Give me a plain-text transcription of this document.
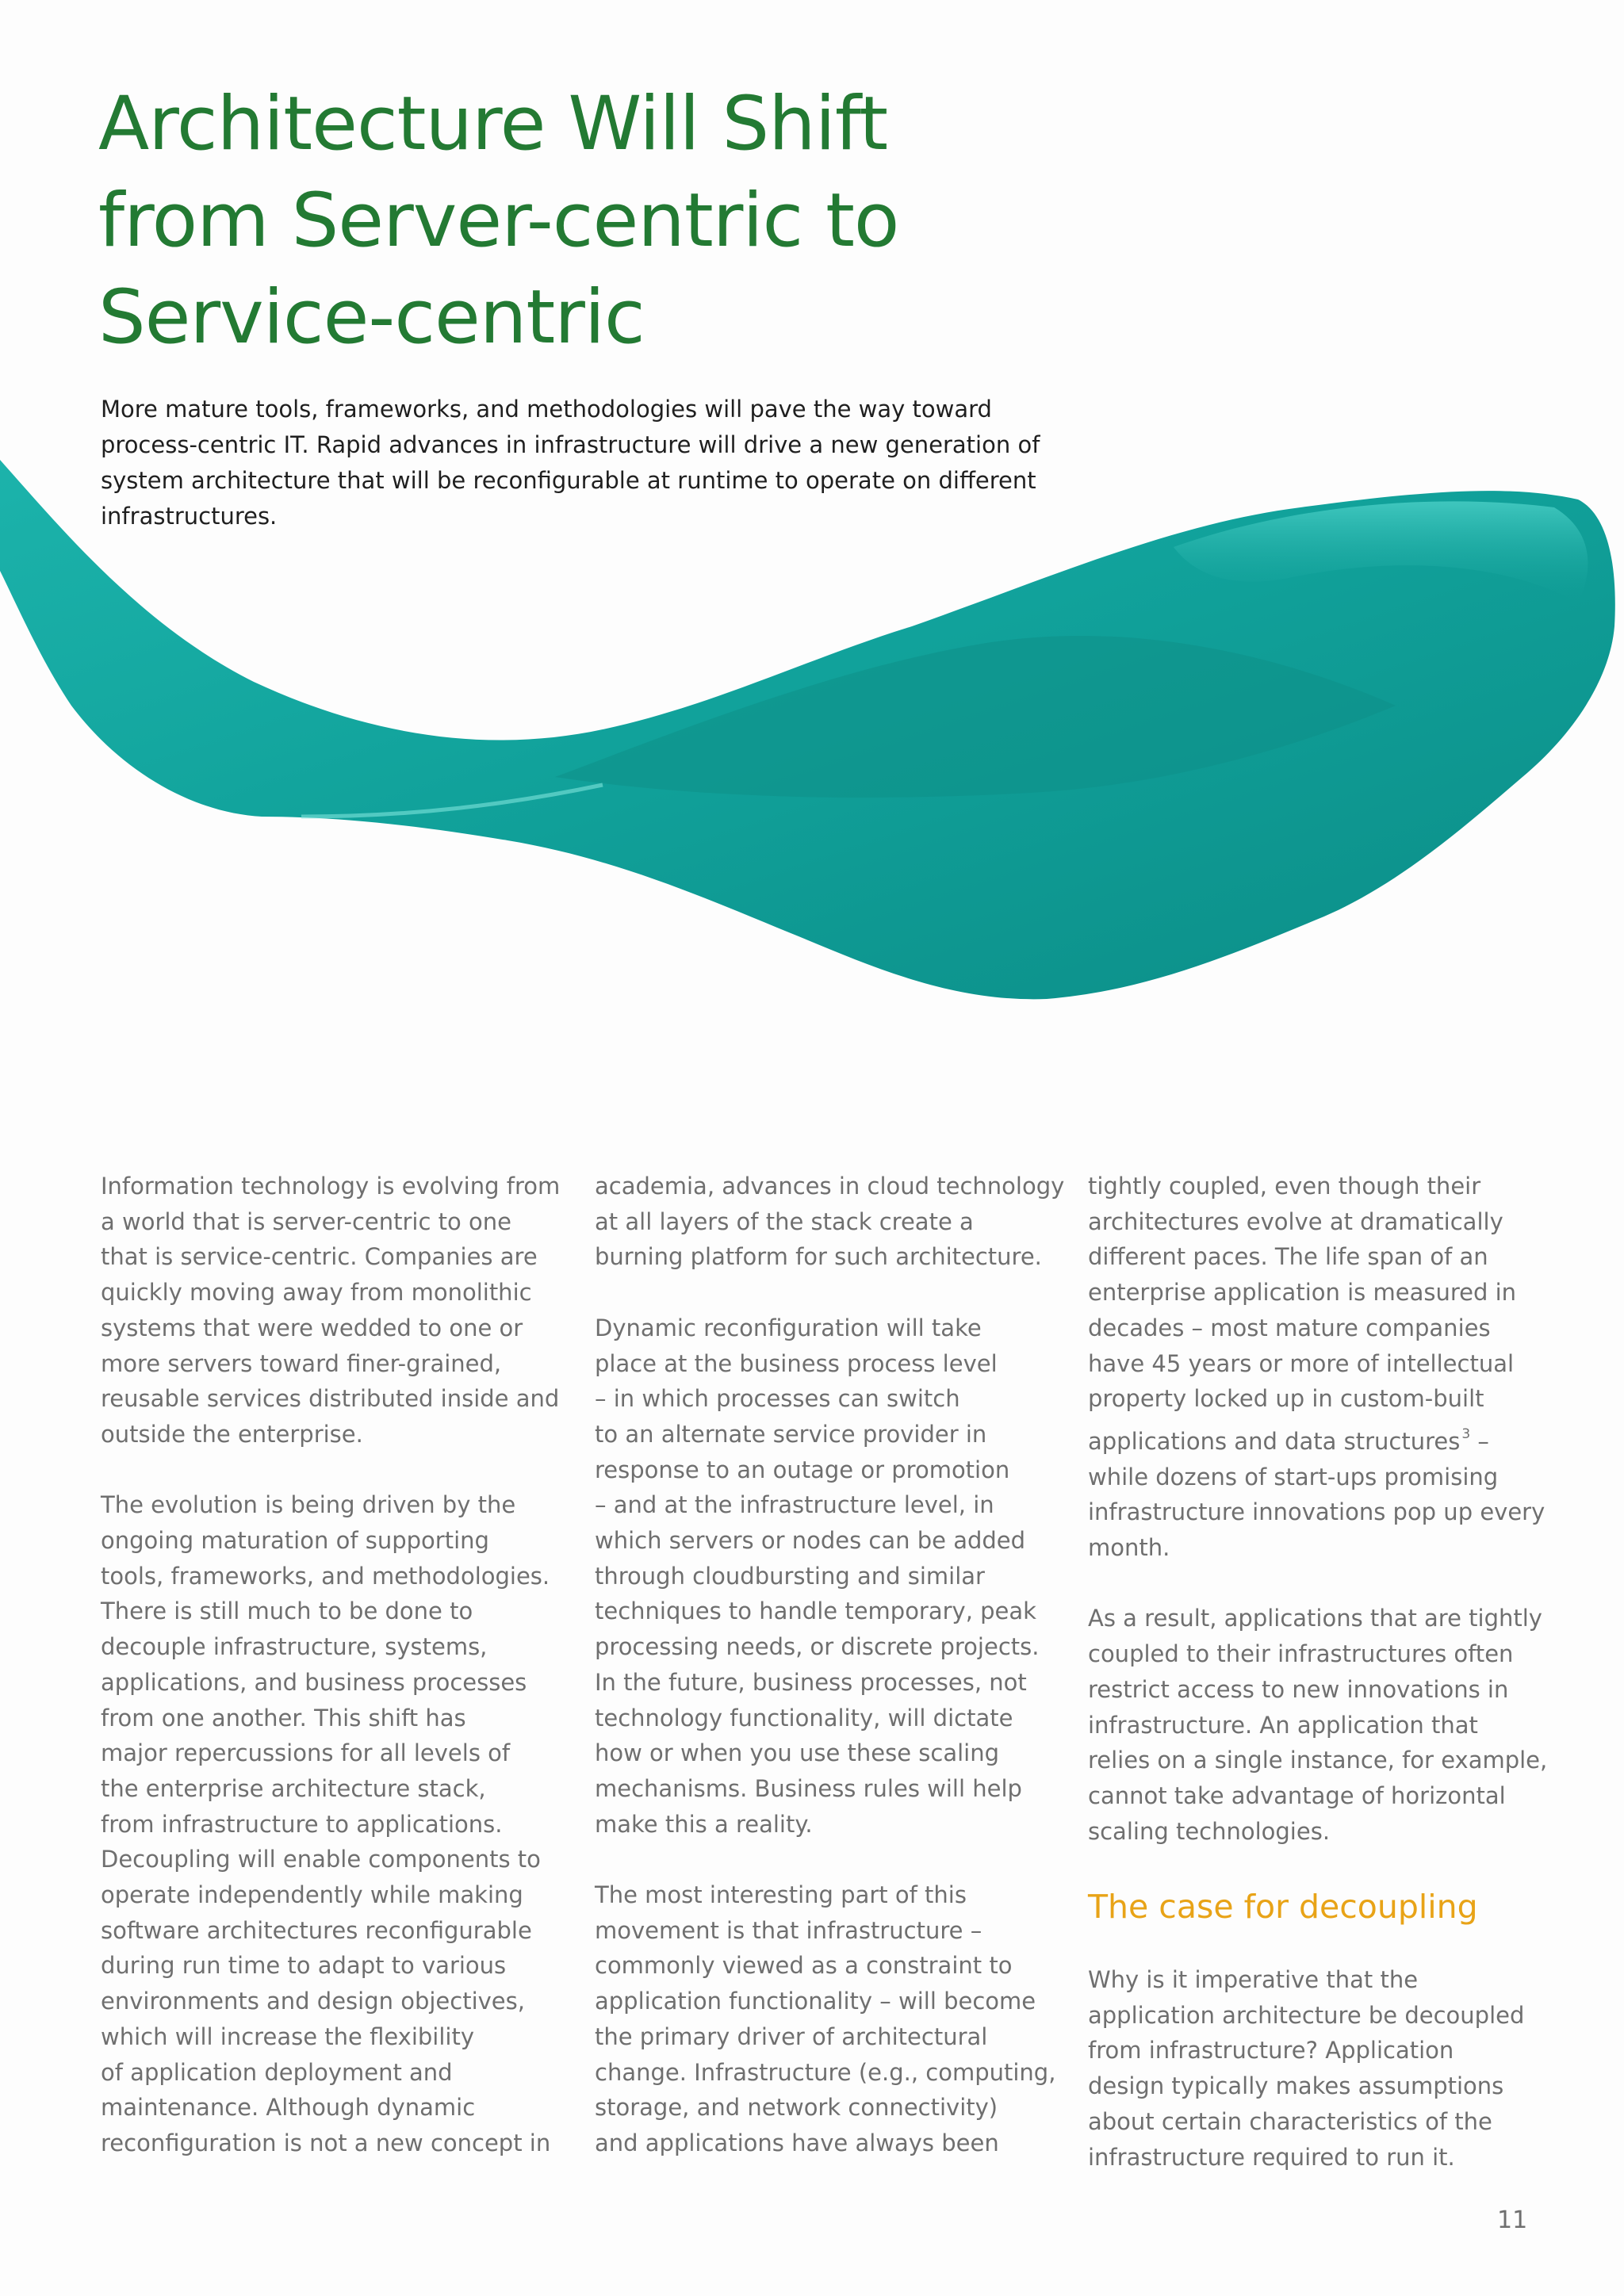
Architecture Will Shift
from Server-centric to
Service-centric
More mature tools, frameworks, and methodologies will pave the way toward
process-centric IT. Rapid advances in infrastructure will drive a new generation of
system architecture that will be reconfigurable at runtime to operate on different
infrastructures.

Information technology is evolving from
a world that is server-centric to one
that is service-centric. Companies are
quickly moving away from monolithic
systems that were wedded to one or
more servers toward finer-grained,
reusable services distributed inside and
outside the enterprise.

The evolution is being driven by the
ongoing maturation of supporting
tools, frameworks, and methodologies.
There is still much to be done to
decouple infrastructure, systems,
applications, and business processes
from one another. This shift has
major repercussions for all levels of
the enterprise architecture stack,
from infrastructure to applications.
Decoupling will enable components to
operate independently while making
software architectures reconfigurable
during run time to adapt to various
environments and design objectives,
which will increase the flexibility
of application deployment and
maintenance. Although dynamic
reconfiguration is not a new concept in

academia, advances in cloud technology
at all layers of the stack create a
burning platform for such architecture.

Dynamic reconfiguration will take
place at the business process level
– in which processes can switch
to an alternate service provider in
response to an outage or promotion
– and at the infrastructure level, in
which servers or nodes can be added
through cloudbursting and similar
techniques to handle temporary, peak
processing needs, or discrete projects.
In the future, business processes, not
technology functionality, will dictate
how or when you use these scaling
mechanisms. Business rules will help
make this a reality.

The most interesting part of this
movement is that infrastructure –
commonly viewed as a constraint to
application functionality – will become
the primary driver of architectural
change. Infrastructure (e.g., computing,
storage, and network connectivity)
and applications have always been

tightly coupled, even though their
architectures evolve at dramatically
different paces. The life span of an
enterprise application is measured in
decades – most mature companies
have 45 years or more of intellectual
property locked up in custom-built
applications and data structures $^3$ –
while dozens of start-ups promising
infrastructure innovations pop up every
month.

As a result, applications that are tightly
coupled to their infrastructures often
restrict access to new innovations in
infrastructure. An application that
relies on a single instance, for example,
cannot take advantage of horizontal
scaling technologies.

The case for decoupling

Why is it imperative that the
application architecture be decoupled
from infrastructure? Application
design typically makes assumptions
about certain characteristics of the
infrastructure required to run it.

11
